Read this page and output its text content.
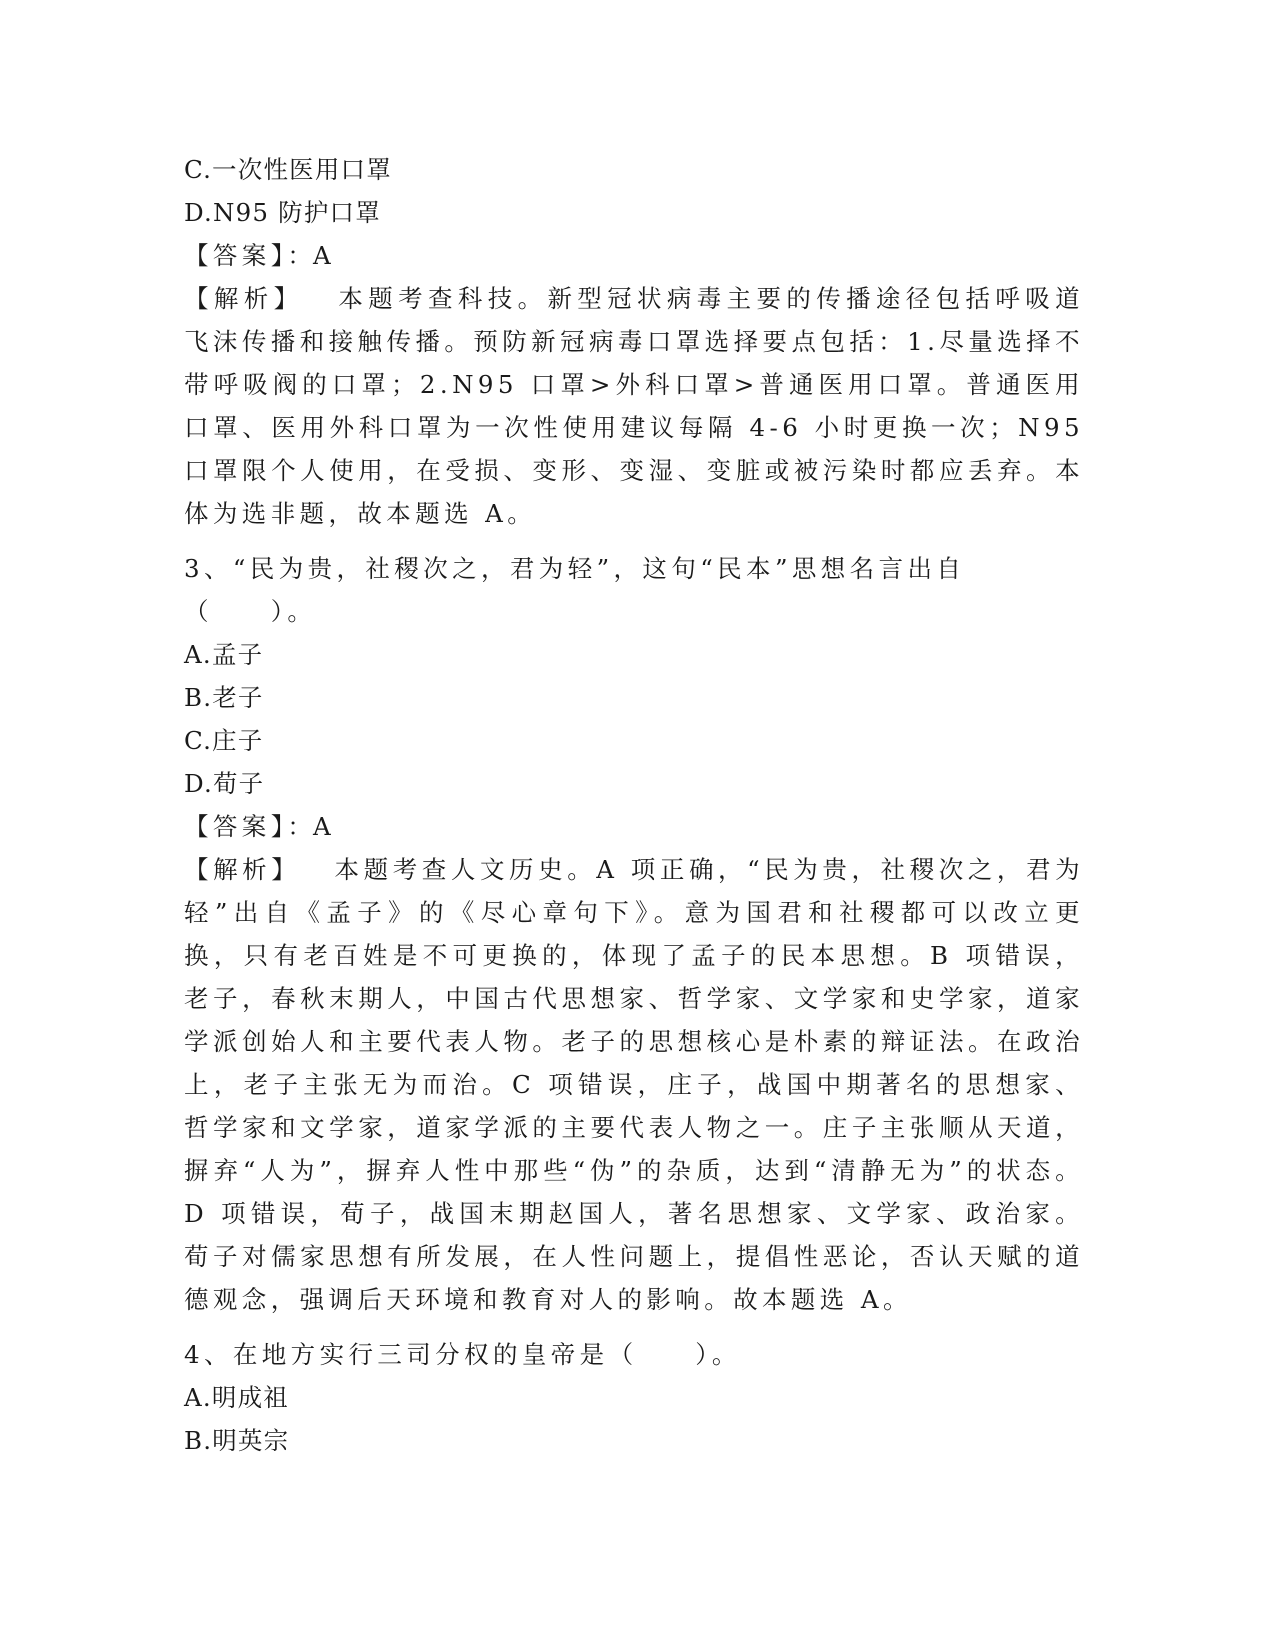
C.一次性医用口罩
D.N95 防护口罩
【答案】：A
【解析】 本题考查科技。新型冠状病毒主要的传播途径包括呼吸道飞沫传播和接触传播。预防新冠病毒口罩选择要点包括：1.尽量选择不带呼吸阀的口罩；2.N95 口罩>外科口罩>普通医用口罩。普通医用口罩、医用外科口罩为一次性使用建议每隔 4-6 小时更换一次；N95 口罩限个人使用，在受损、变形、变湿、变脏或被污染时都应丢弃。本体为选非题，故本题选 A。
3、“民为贵，社稷次之，君为轻”，这句“民本”思想名言出自（　　）。
A.孟子
B.老子
C.庄子
D.荀子
【答案】：A
【解析】 本题考查人文历史。A 项正确，“民为贵，社稷次之，君为轻”出自《孟子》的《尽心章句下》。意为国君和社稷都可以改立更换，只有老百姓是不可更换的，体现了孟子的民本思想。B 项错误，老子，春秋末期人，中国古代思想家、哲学家、文学家和史学家，道家学派创始人和主要代表人物。老子的思想核心是朴素的辩证法。在政治上，老子主张无为而治。C 项错误，庄子，战国中期著名的思想家、哲学家和文学家，道家学派的主要代表人物之一。庄子主张顺从天道，摒弃“人为”，摒弃人性中那些“伪”的杂质，达到“清静无为”的状态。D 项错误，荀子，战国末期赵国人，著名思想家、文学家、政治家。荀子对儒家思想有所发展，在人性问题上，提倡性恶论，否认天赋的道德观念，强调后天环境和教育对人的影响。故本题选 A。
4、在地方实行三司分权的皇帝是（　　）。
A.明成祖
B.明英宗
